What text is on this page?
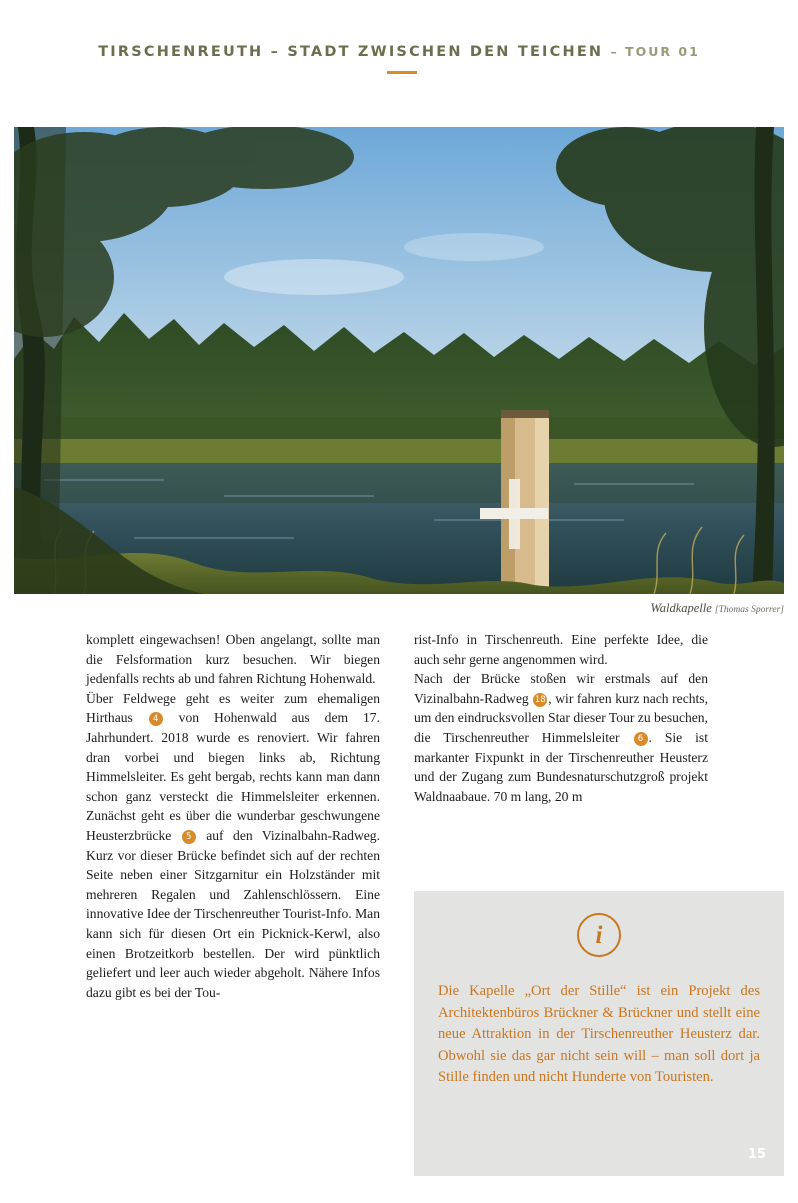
TIRSCHENREUTH – STADT ZWISCHEN DEN TEICHEN – TOUR 01
Waldkapelle [Thomas Sporrer]

komplett eingewachsen! Oben angelangt, sollte man die Felsformation kurz besuchen. Wir biegen jedenfalls rechts ab und fahren Richtung Hohenwald.

Über Feldwege geht es weiter zum ehemaligen Hirthaus 4 von Hohenwald aus dem 17. Jahrhundert. 2018 wurde es renoviert. Wir fahren dran vorbei und biegen links ab, Richtung Himmelsleiter. Es geht bergab, rechts kann man dann schon ganz versteckt die Himmelsleiter erkennen. Zunächst geht es über die wunderbar geschwungene Heusterzbrücke 5 auf den Vizinalbahn-Radweg. Kurz vor dieser Brücke befindet sich auf der rechten Seite neben einer Sitzgarnitur ein Holzständer mit mehreren Regalen und Zahlenschlössern. Eine innovative Idee der Tirschenreuther Tourist-Info. Man kann sich für diesen Ort ein Picknick-Kerwl, also einen Brotzeitkorb bestellen. Der wird pünktlich geliefert und leer auch wieder abgeholt. Nähere Infos dazu gibt es bei der Tou-

rist-Info in Tirschenreuth. Eine perfekte Idee, die auch sehr gerne angenommen wird.

Nach der Brücke stoßen wir erstmals auf den Vizinalbahn-Radweg 18 , wir fahren kurz nach rechts, um den eindrucksvollen Star dieser Tour zu besuchen, die Tirschenreuther Himmelsleiter 6 . Sie ist markanter Fixpunkt in der Tirschenreuther Heusterz und der Zugang zum Bundesnaturschutzgroß projekt Waldnaabaue. 70 m lang, 20 m

i
Die Kapelle „Ort der Stille“ ist ein Projekt des Architektenbüros Brückner & Brückner und stellt eine neue Attraktion in der Tirschenreuther Heusterz dar. Obwohl sie das gar nicht sein will – man soll dort ja Stille finden und nicht Hunderte von Touristen.
15
